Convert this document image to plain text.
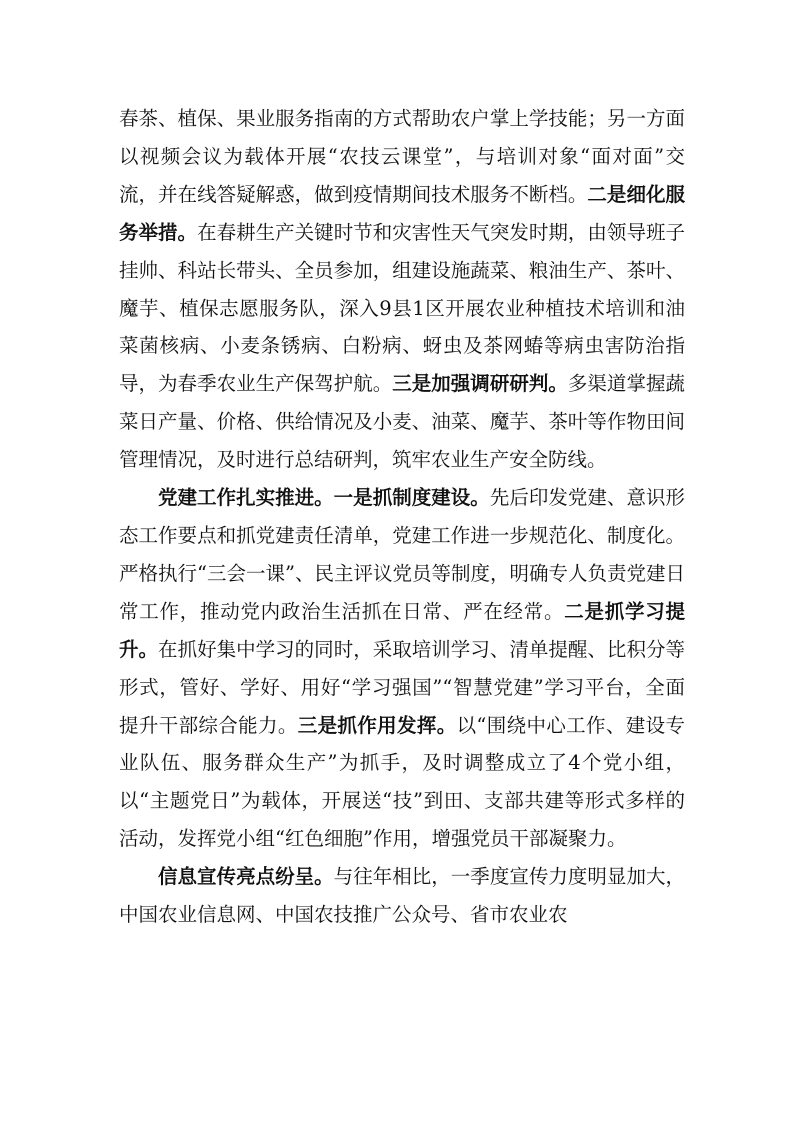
春茶、植保、果业服务指南的方式帮助农户掌上学技能；另一方面以视频会议为载体开展“农技云课堂”，与培训对象“面对面”交流，并在线答疑解惑，做到疫情期间技术服务不断档。二是细化服务举措。在春耕生产关键时节和灾害性天气突发时期，由领导班子挂帅、科站长带头、全员参加，组建设施蔬菜、粮油生产、茶叶、魔芋、植保志愿服务队，深入9县1区开展农业种植技术培训和油菜菌核病、小麦条锈病、白粉病、蚜虫及茶网蝽等病虫害防治指导，为春季农业生产保驾护航。三是加强调研研判。多渠道掌握蔬菜日产量、价格、供给情况及小麦、油菜、魔芋、茶叶等作物田间管理情况，及时进行总结研判，筑牢农业生产安全防线。

党建工作扎实推进。一是抓制度建设。先后印发党建、意识形态工作要点和抓党建责任清单，党建工作进一步规范化、制度化。严格执行“三会一课”、民主评议党员等制度，明确专人负责党建日常工作，推动党内政治生活抓在日常、严在经常。二是抓学习提升。在抓好集中学习的同时，采取培训学习、清单提醒、比积分等形式，管好、学好、用好“学习强国”“智慧党建”学习平台，全面提升干部综合能力。三是抓作用发挥。以“围绕中心工作、建设专业队伍、服务群众生产”为抓手，及时调整成立了4个党小组，以“主题党日”为载体，开展送“技”到田、支部共建等形式多样的活动，发挥党小组“红色细胞”作用，增强党员干部凝聚力。

信息宣传亮点纷呈。与往年相比，一季度宣传力度明显加大，中国农业信息网、中国农技推广公众号、省市农业农
